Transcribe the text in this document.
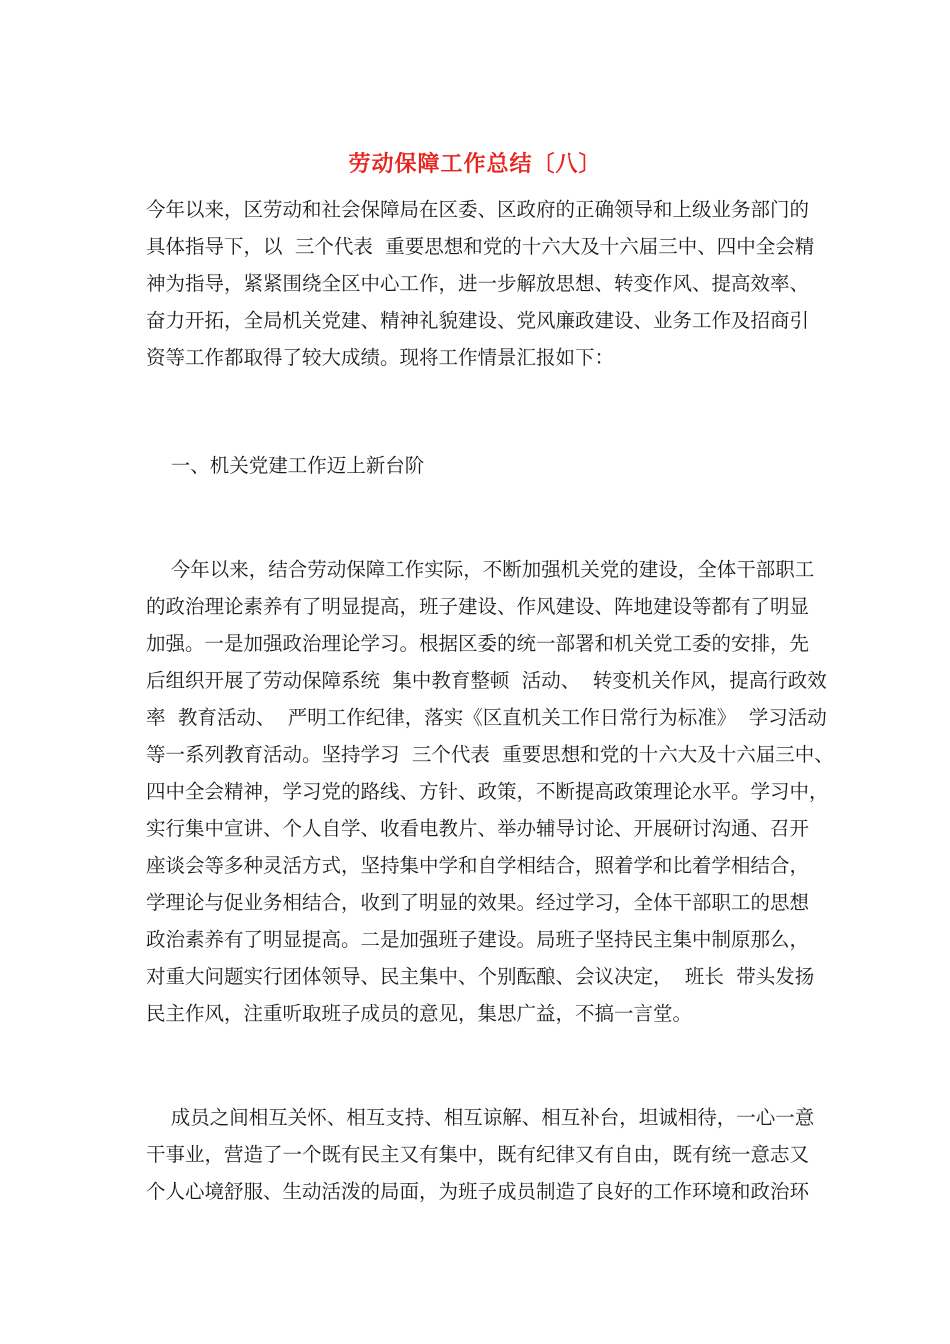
劳动保障工作总结〔八〕
今年以来，区劳动和社会保障局在区委、区政府的正确领导和上级业务部门的
具体指导下，以  三个代表  重要思想和党的十六大及十六届三中、四中全会精
神为指导，紧紧围绕全区中心工作，进一步解放思想、转变作风、提高效率、
奋力开拓，全局机关党建、精神礼貌建设、党风廉政建设、业务工作及招商引
资等工作都取得了较大成绩。现将工作情景汇报如下：
一、机关党建工作迈上新台阶
今年以来，结合劳动保障工作实际，不断加强机关党的建设，全体干部职工
的政治理论素养有了明显提高，班子建设、作风建设、阵地建设等都有了明显
加强。一是加强政治理论学习。根据区委的统一部署和机关党工委的安排，先
后组织开展了劳动保障系统  集中教育整顿  活动、  转变机关作风，提高行政效
率  教育活动、  严明工作纪律，落实《区直机关工作日常行为标准》  学习活动
等一系列教育活动。坚持学习  三个代表  重要思想和党的十六大及十六届三中、
四中全会精神，学习党的路线、方针、政策，不断提高政策理论水平。学习中，
实行集中宣讲、个人自学、收看电教片、举办辅导讨论、开展研讨沟通、召开
座谈会等多种灵活方式，坚持集中学和自学相结合，照着学和比着学相结合，
学理论与促业务相结合，收到了明显的效果。经过学习，全体干部职工的思想
政治素养有了明显提高。二是加强班子建设。局班子坚持民主集中制原那么，
对重大问题实行团体领导、民主集中、个别酝酿、会议决定，  班长  带头发扬
民主作风，注重听取班子成员的意见，集思广益，不搞一言堂。
成员之间相互关怀、相互支持、相互谅解、相互补台，坦诚相待，一心一意
干事业，营造了一个既有民主又有集中，既有纪律又有自由，既有统一意志又
个人心境舒服、生动活泼的局面，为班子成员制造了良好的工作环境和政治环
